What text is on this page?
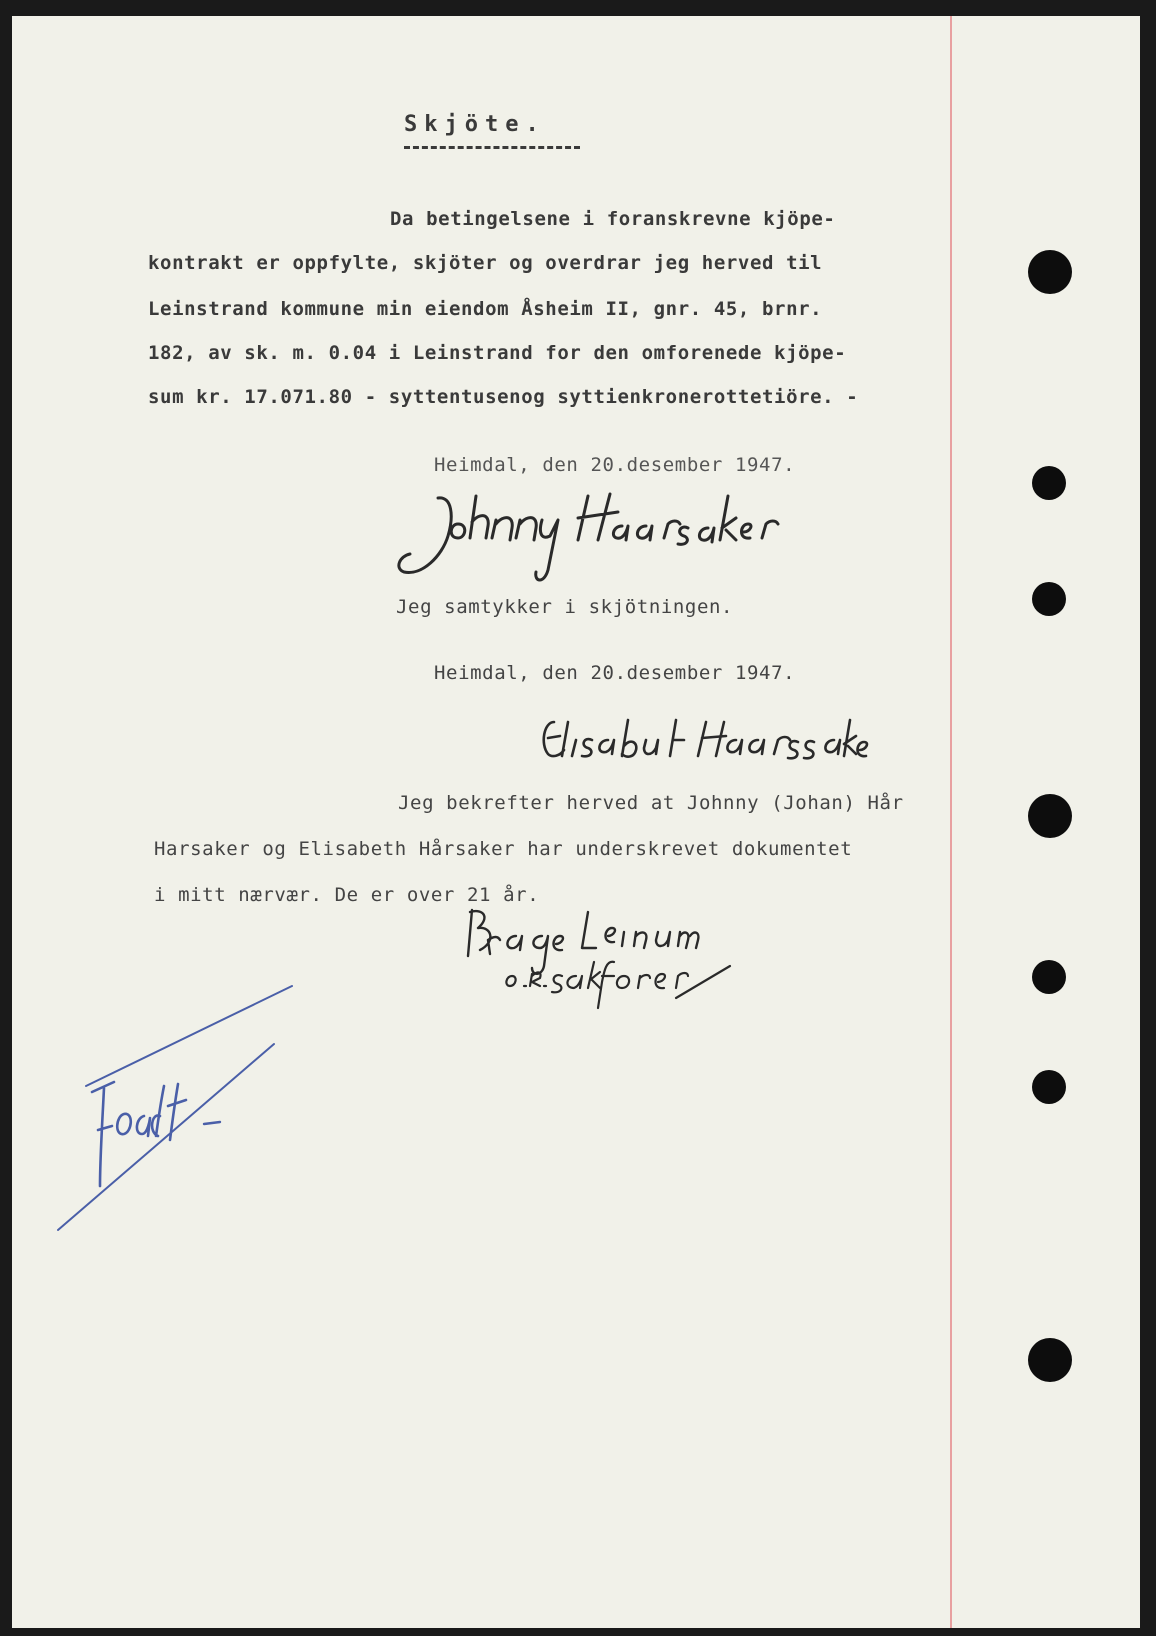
Skjöte.
Da betingelsene i foranskrevne kjöpe-
kontrakt er oppfylte, skjöter og overdrar jeg herved til
Leinstrand kommune min eiendom Åsheim II, gnr. 45, brnr.
182, av sk. m. 0.04 i Leinstrand for den omforenede kjöpe-
sum kr. 17.071.80 - syttentusenog syttienkronerottetiöre. -
Heimdal, den 20.desember 1947.
Jeg samtykker i skjötningen.
Heimdal, den 20.desember 1947.
Jeg bekrefter herved at Johnny (Johan) Hår
Harsaker og Elisabeth Hårsaker har underskrevet dokumentet
i mitt nærvær. De er over 21 år.
